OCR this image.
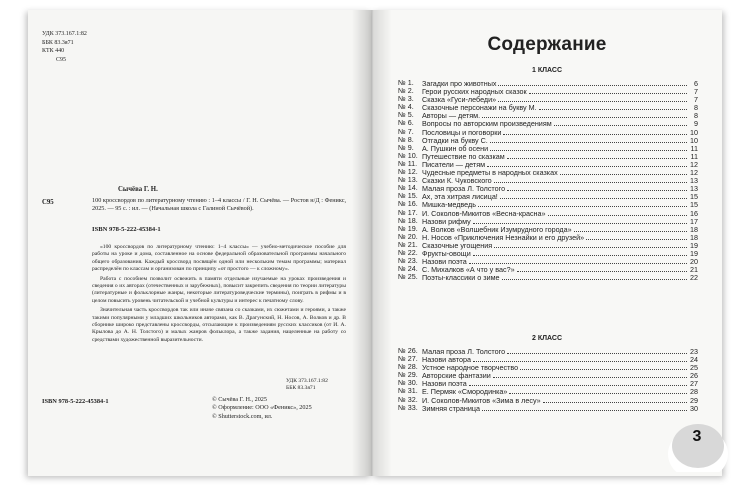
УДК 373.167.1:82
ББК 83.3я71
КТК 440
С95
Сычёва Г. Н.
С95	100 кроссвордов по литературному чтению : 1–4 классы / Г. Н. Сычёва. — Ростов н/Д : Феникс, 2025. — 95 с. : ил. — (Начальная школа с Галиной Сычёвой).
ISBN 978-5-222-45384-1

«100 кроссвордов по литературному чтению: 1–4 классы» — учебно-методическое пособие для работы на уроке и дома, составленное на основе федеральной образовательной программы начального общего образования. Каждый кроссворд посвящён одной или нескольким темам программы; материал распределён по классам и организован по принципу «от простого — к сложному».

Работа с пособием позволит освежить в памяти отдельные изучаемые на уроках произведения и сведения о их авторах (отечественных и зарубежных), повысит закрепить сведения по теории литературы (литературные и фольклорные жанры, некоторые литературоведческие термины), поиграть в рифмы и в целом повысить уровень читательской и учебной культуры и интерес к печатному слову.

Значительная часть кроссвордов так или иначе связана со сказками, их сюжетами и героями, а также такими популярными у младших школьников авторами, как В. Драгунский, Н. Носов, А. Волков и др. В сборнике широко представлены кроссворды, отсылающие к произведениям русских классиков (от И. А. Крылова до А. Н. Толстого) и малых жанров фольклора, а также задания, нацеленные на работу со средствами художественной выразительности.

УДК 373.167.1:82
ББК 83.3я71
ISBN 978-5-222-45384-1	© Сычёва Г. Н., 2025
© Оформление: ООО «Феникс», 2025
© Shutterstock.com, ил.
Содержание
1 КЛАСС
№ 1.	Загадки про животных	6
№ 2.	Герои русских народных сказок	7
№ 3.	Сказка «Гуси-лебеди»	7
№ 4.	Сказочные персонажи на букву М.	8
№ 5.	Авторы — детям.	8
№ 6.	Вопросы по авторским произведениям	9
№ 7.	Пословицы и поговорки	10
№ 8.	Отгадки на букву С.	10
№ 9.	А. Пушкин об осени	11
№ 10. Путешествие по сказкам	11
№ 11. Писатели — детям	12
№ 12. Чудесные предметы в народных сказках	12
№ 13. Сказки К. Чуковского	13
№ 14. Малая проза Л. Толстого	13
№ 15. Ах, эта хитрая лисица!	15
№ 16. Мишка-медведь	15
№ 17. И. Соколов-Микитов «Весна-красна»	16
№ 18. Назови рифму	17
№ 19. А. Волков «Волшебник Изумрудного города»	18
№ 20. Н. Носов «Приключения Незнайки и его друзей»	18
№ 21. Сказочные угощения	19
№ 22. Фрукты-овощи	19
№ 23. Назови поэта	20
№ 24. С. Михалков «А что у вас?»	21
№ 25. Поэты-классики о зиме	22
2 КЛАСС
№ 26. Малая проза Л. Толстого	23
№ 27. Назови автора	24
№ 28. Устное народное творчество	25
№ 29. Авторские фантазии	26
№ 30. Назови поэта	27
№ 31. Е. Пермяк «Смородинка»	28
№ 32. И. Соколов-Микитов «Зима в лесу»	29
№ 33. Зимняя страница	30
3
